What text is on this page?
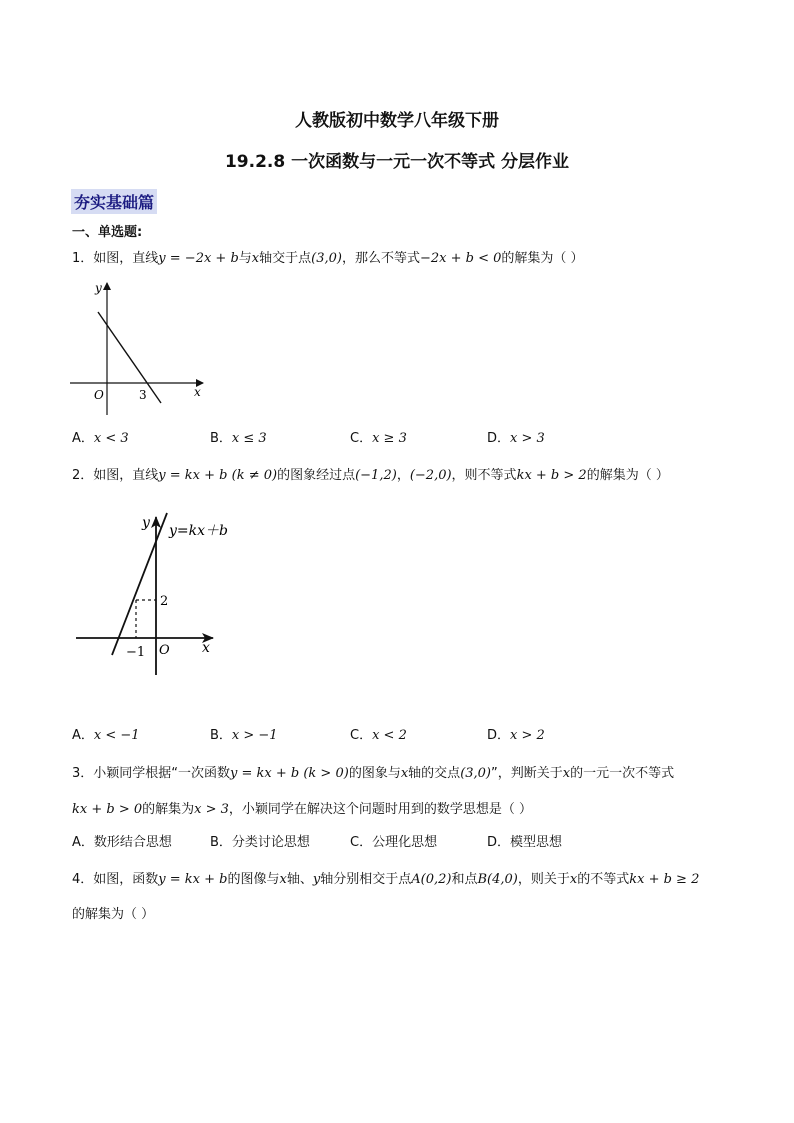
人教版初中数学八年级下册
19.2.8 一次函数与一元一次不等式 分层作业
夯实基础篇
一、单选题:
1．如图，直线y = −2x + b与x轴交于点(3,0)，那么不等式−2x + b < 0的解集为（ ）
y
x
O	3
A．x < 3	B．x ≤ 3	C．x ≥ 3	D．x > 3
2．如图，直线y = kx + b (k ≠ 0)的图象经过点(−1,2)，(−2,0)，则不等式kx + b > 2的解集为（ ）
y y=kx＋b
2
−1 O x
A．x < −1	B．x > −1	C．x < 2	D．x > 2
3．小颖同学根据“一次函数y = kx + b (k > 0)的图象与x轴的交点(3,0)”，判断关于x的一元一次不等式
kx + b > 0的解集为x > 3，小颖同学在解决这个问题时用到的数学思想是（ ）
A．数形结合思想	B．分类讨论思想	C．公理化思想	D．模型思想
4．如图，函数y = kx + b的图像与x轴、y轴分别相交于点A(0,2)和点B(4,0)，则关于x的不等式kx + b ≥ 2
的解集为（ ）
